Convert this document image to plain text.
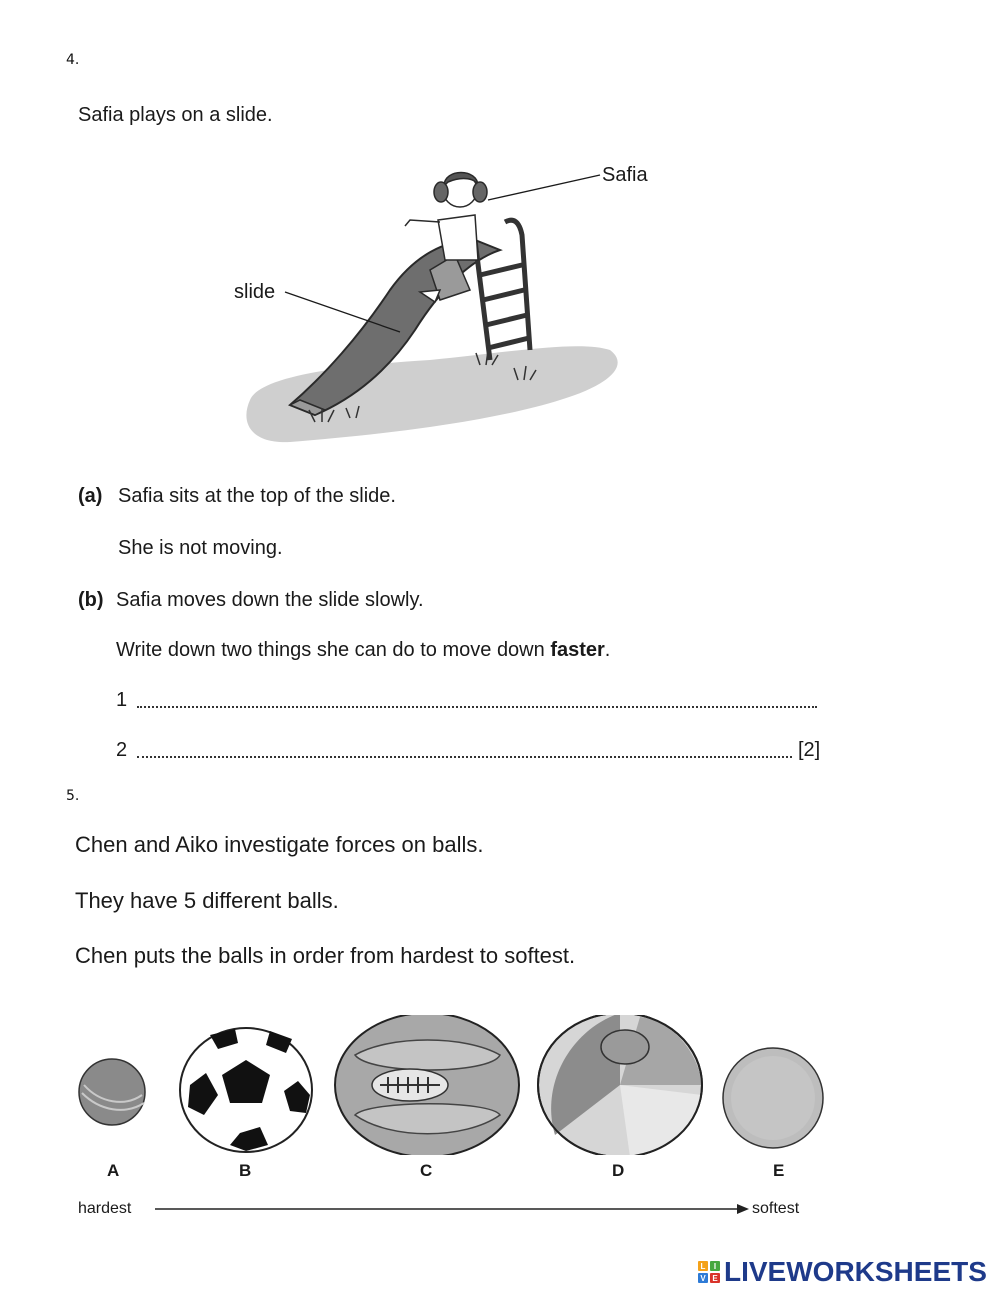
4.
Safia plays on a slide.
Safia
slide
(a) Safia sits at the top of the slide.
She is not moving.
(b) Safia moves down the slide slowly.
Write down two things she can do to move down faster.
1
2	[2]
5.
Chen and Aiko investigate forces on balls.
They have 5 different balls.
Chen puts the balls in order from hardest to softest.
A	B	C	D	E
hardest	softest
L	I
V E LIVEWORKSHEETS
